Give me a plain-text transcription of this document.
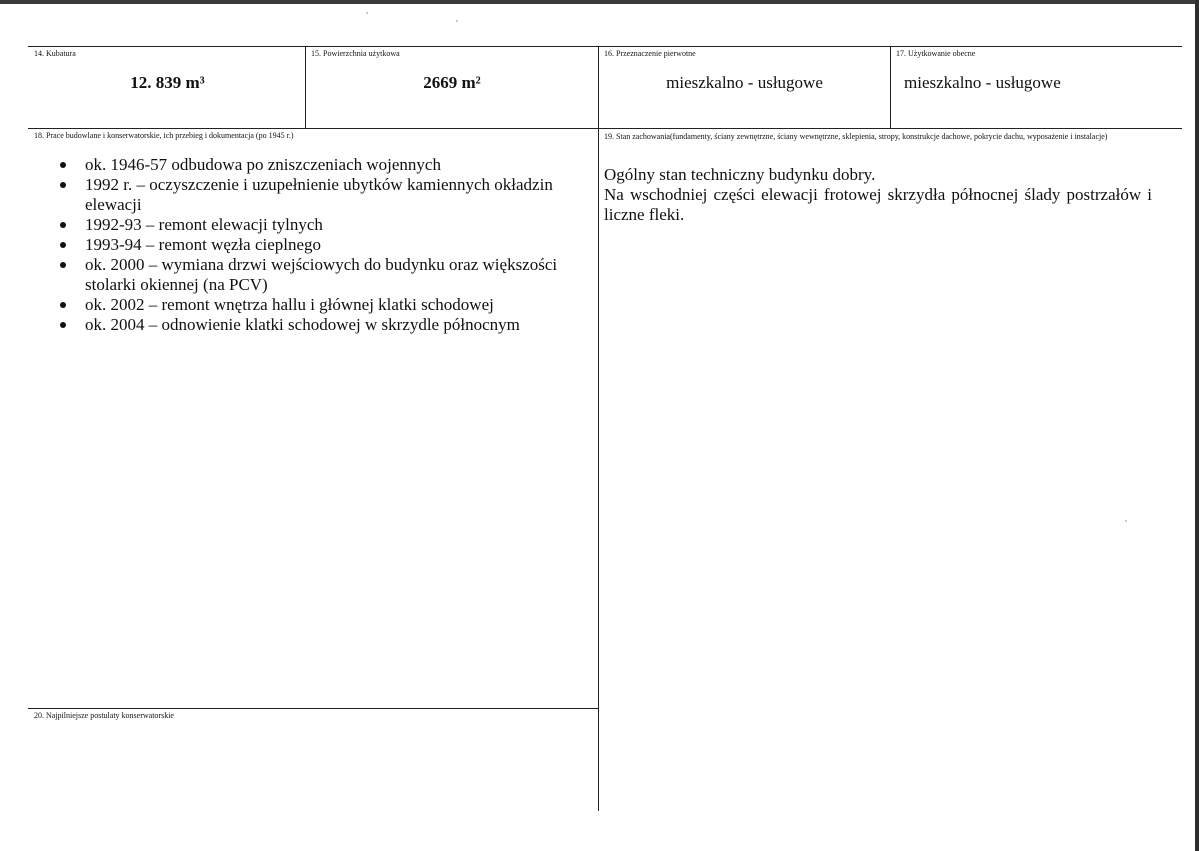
14. Kubatura
12. 839 m³
15. Powierzchnia użytkowa
2669 m²
16. Przeznaczenie pierwotne
mieszkalno - usługowe
17. Użytkowanie obecne
mieszkalno - usługowe
18. Prace budowlane i konserwatorskie, ich przebieg i dokumentacja (po 1945 r.)
ok. 1946-57 odbudowa po zniszczeniach wojennych
1992 r. – oczyszczenie i uzupełnienie ubytków kamiennych okładzin elewacji
1992-93 – remont elewacji tylnych
1993-94 – remont węzła cieplnego
ok. 2000 – wymiana drzwi wejściowych do budynku oraz większości stolarki okiennej (na PCV)
ok. 2002 – remont wnętrza hallu i głównej klatki schodowej
ok. 2004 – odnowienie klatki schodowej w skrzydle północnym
19. Stan zachowania(fundamenty, ściany zewnętrzne, ściany wewnętrzne, sklepienia, stropy, konstrukcje dachowe, pokrycie dachu, wyposażenie i instalacje)

Ogólny stan techniczny budynku dobry.

Na wschodniej części elewacji frotowej skrzydła północnej ślady postrzałów i liczne fleki.

20. Najpilniejsze postulaty konserwatorskie
